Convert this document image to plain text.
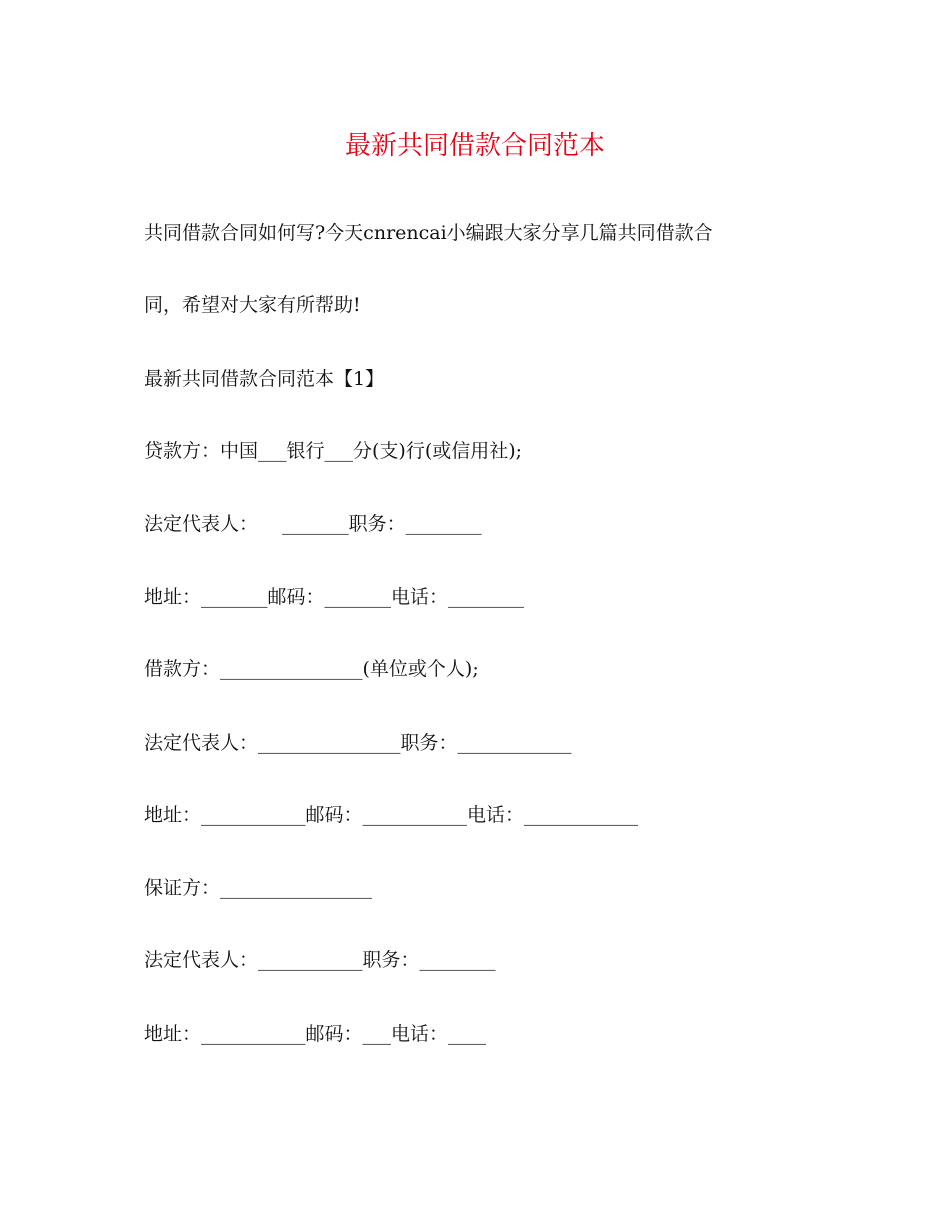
最新共同借款合同范本
共同借款合同如何写?今天cnrencai小编跟大家分享几篇共同借款合
同，希望对大家有所帮助!
最新共同借款合同范本【1】
贷款方：中国___银行___分(支)行(或信用社);
法定代表人：    _______职务：________
地址：_______邮码：_______电话：________
借款方：_______________(单位或个人);
法定代表人：_______________职务：____________
地址：___________邮码：___________电话：____________
保证方：________________
法定代表人：___________职务：________
地址：___________邮码：___电话：____
